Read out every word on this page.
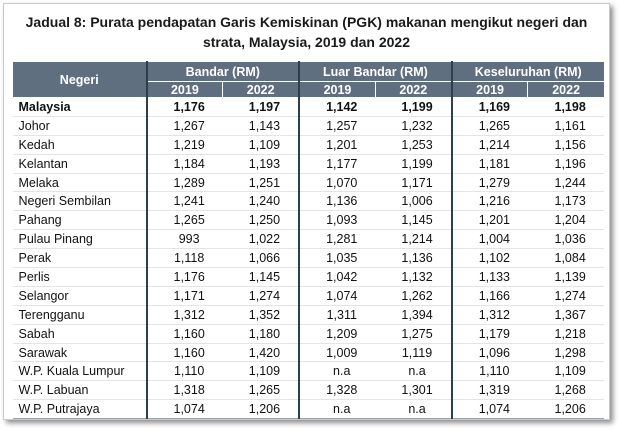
Jadual 8: Purata pendapatan Garis Kemiskinan (PGK) makanan mengikut negeri dan
strata, Malaysia, 2019 dan 2022
Negeri	Bandar (RM)		Luar Bandar (RM)		Keseluruhan (RM)	
	2019	2022	2019	2022	2019	2022
Malaysia	1,176	1,197	1,142	1,199	1,169	1,198
Johor	1,267	1,143	1,257	1,232	1,265	1,161
Kedah	1,219	1,109	1,201	1,253	1,214	1,156
Kelantan	1,184	1,193	1,177	1,199	1,181	1,196
Melaka	1,289	1,251	1,070	1,171	1,279	1,244
Negeri Sembilan	1,241	1,240	1,136	1,006	1,216	1,173
Pahang	1,265	1,250	1,093	1,145	1,201	1,204
Pulau Pinang	993	1,022	1,281	1,214	1,004	1,036
Perak	1,118	1,066	1,035	1,136	1,102	1,084
Perlis	1,176	1,145	1,042	1,132	1,133	1,139
Selangor	1,171	1,274	1,074	1,262	1,166	1,274
Terengganu	1,312	1,352	1,311	1,394	1,312	1,367
Sabah	1,160	1,180	1,209	1,275	1,179	1,218
Sarawak	1,160	1,420	1,009	1,119	1,096	1,298
W.P. Kuala Lumpur	1,110	1,109	n.a	n.a	1,110	1,109
W.P. Labuan	1,318	1,265	1,328	1,301	1,319	1,268
W.P. Putrajaya	1,074	1,206	n.a	n.a	1,074	1,206
